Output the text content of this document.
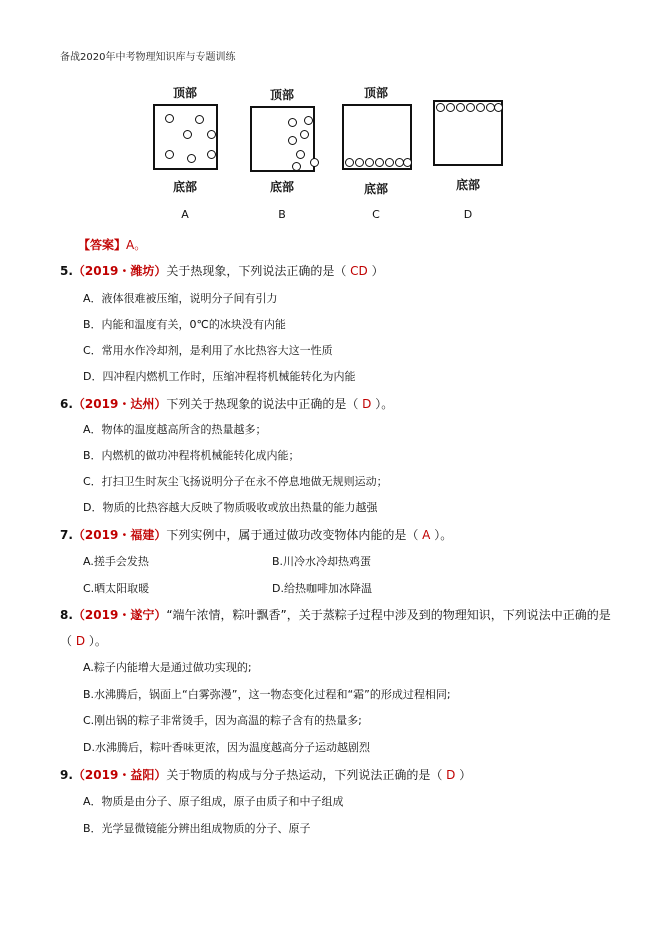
备战2020年中考物理知识库与专题训练
顶部
底部
A
顶部
底部
B
顶部
底部
C
底部
D
【答案】A。
5.（2019・潍坊）关于热现象，下列说法正确的是（ CD ）
A．液体很难被压缩，说明分子间有引力
B．内能和温度有关，0℃的冰块没有内能
C．常用水作冷却剂，是利用了水比热容大这一性质
D．四冲程内燃机工作时，压缩冲程将机械能转化为内能
6.（2019・达州）下列关于热现象的说法中正确的是（ D ）。
A．物体的温度越高所含的热量越多；
B．内燃机的做功冲程将机械能转化成内能；
C．打扫卫生时灰尘飞扬说明分子在永不停息地做无规则运动；
D．物质的比热容越大反映了物质吸收或放出热量的能力越强
7.（2019・福建）下列实例中，属于通过做功改变物体内能的是（ A ）。
A.搓手会发热	B.川冷水冷却热鸡蛋
C.晒太阳取暖	D.给热咖啡加冰降温
8.（2019・遂宁）“端午浓情，粽叶飘香”，关于蒸粽子过程中涉及到的物理知识，下列说法中正确的是
（ D ）。
A.粽子内能增大是通过做功实现的;
B.水沸腾后，锅面上“白雾弥漫”，这一物态变化过程和“霜”的形成过程相同;
C.刚出锅的粽子非常烫手，因为高温的粽子含有的热量多;
D.水沸腾后，粽叶香味更浓，因为温度越高分子运动越剧烈
9.（2019・益阳）关于物质的构成与分子热运动，下列说法正确的是（ D ）
A．物质是由分子、原子组成，原子由质子和中子组成
B．光学显微镜能分辨出组成物质的分子、原子
